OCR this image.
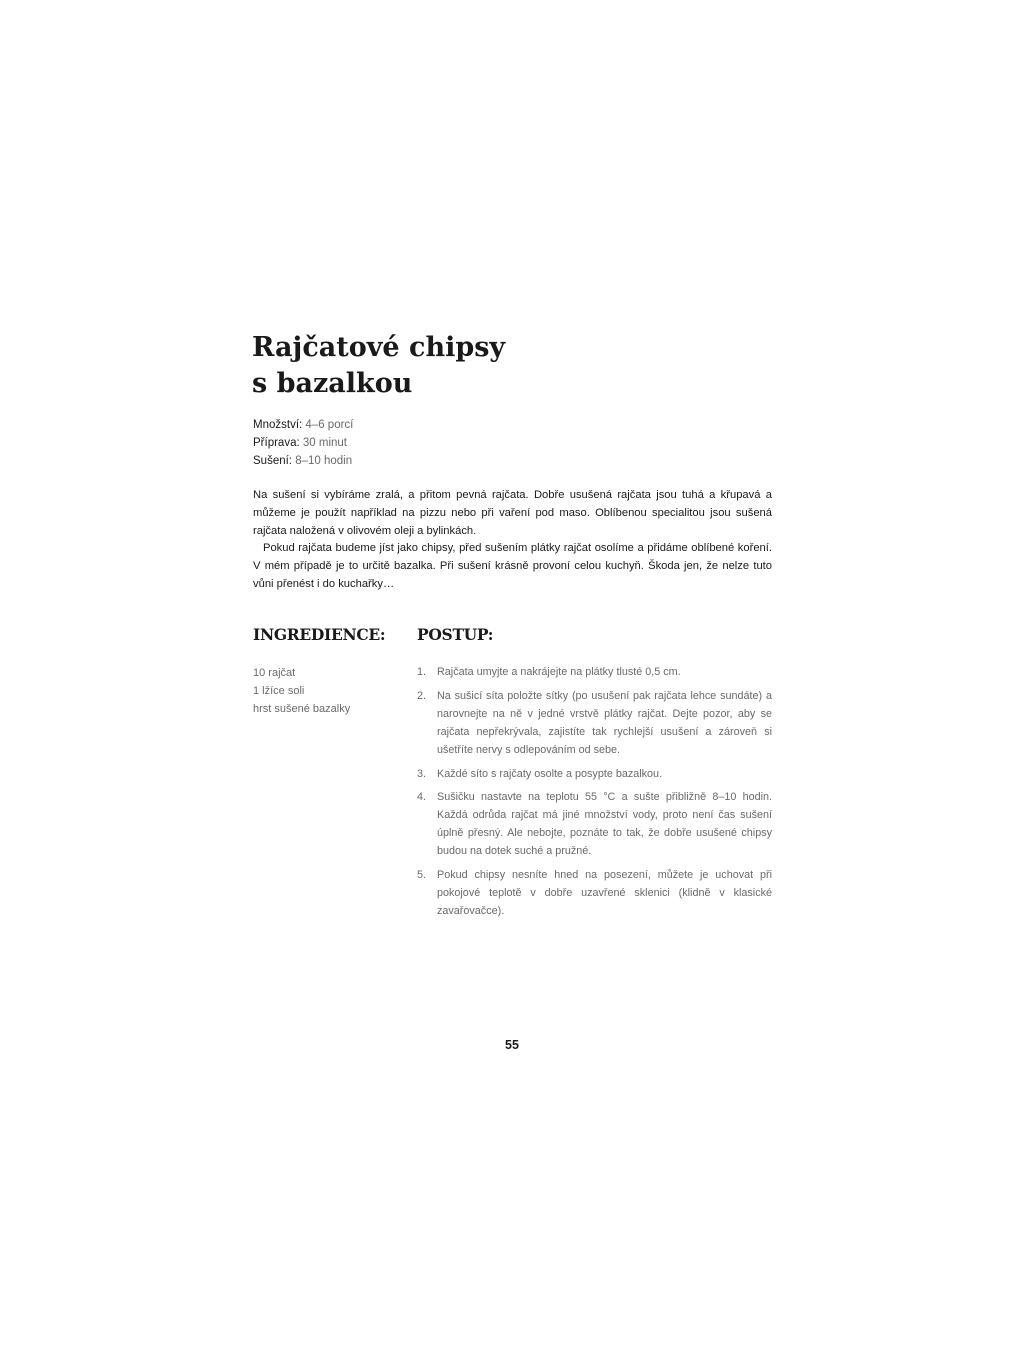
Rajčatové chipsy
s bazalkou
Množství: 4–6 porcí
Příprava: 30 minut
Sušení: 8–10 hodin

Na sušení si vybíráme zralá, a přitom pevná rajčata. Dobře usušená rajčata jsou tuhá a křupavá a můžeme je použít například na pizzu nebo při vaření pod maso. Oblíbenou specialitou jsou sušená rajčata naložená v olivovém oleji a bylinkách.

Pokud rajčata budeme jíst jako chipsy, před sušením plátky rajčat osolíme a přidáme oblíbené koření. V mém případě je to určitě bazalka. Při sušení krásně provoní celou kuchyň. Škoda jen, že nelze tuto vůni přenést i do kuchařky…

INGREDIENCE: POSTUP:
10 rajčat
1 lžíce soli
hrst sušené bazalky
1.	Rajčata umyjte a nakrájejte na plátky tlusté 0,5 cm.
2.	Na sušicí síta položte sítky (po usušení pak rajčata lehce sundáte) a narovnejte na ně v jedné vrstvě plátky rajčat. Dejte pozor, aby se rajčata nepřekrývala, zajistíte tak rychlejší usušení a zároveň si ušetříte nervy s odlepováním od sebe.
3.	Každé síto s rajčaty osolte a posypte bazalkou.
4.	Sušičku nastavte na teplotu 55 °C a sušte přibližně 8–10 hodin. Každá odrůda rajčat má jiné množství vody, proto není čas sušení úplně přesný. Ale nebojte, poznáte to tak, že dobře usušené chipsy budou na dotek suché a pružné.
5.	Pokud chipsy nesníte hned na posezení, můžete je uchovat při pokojové teplotě v dobře uzavřené sklenici (klidně v klasické zavařovačce).
55
